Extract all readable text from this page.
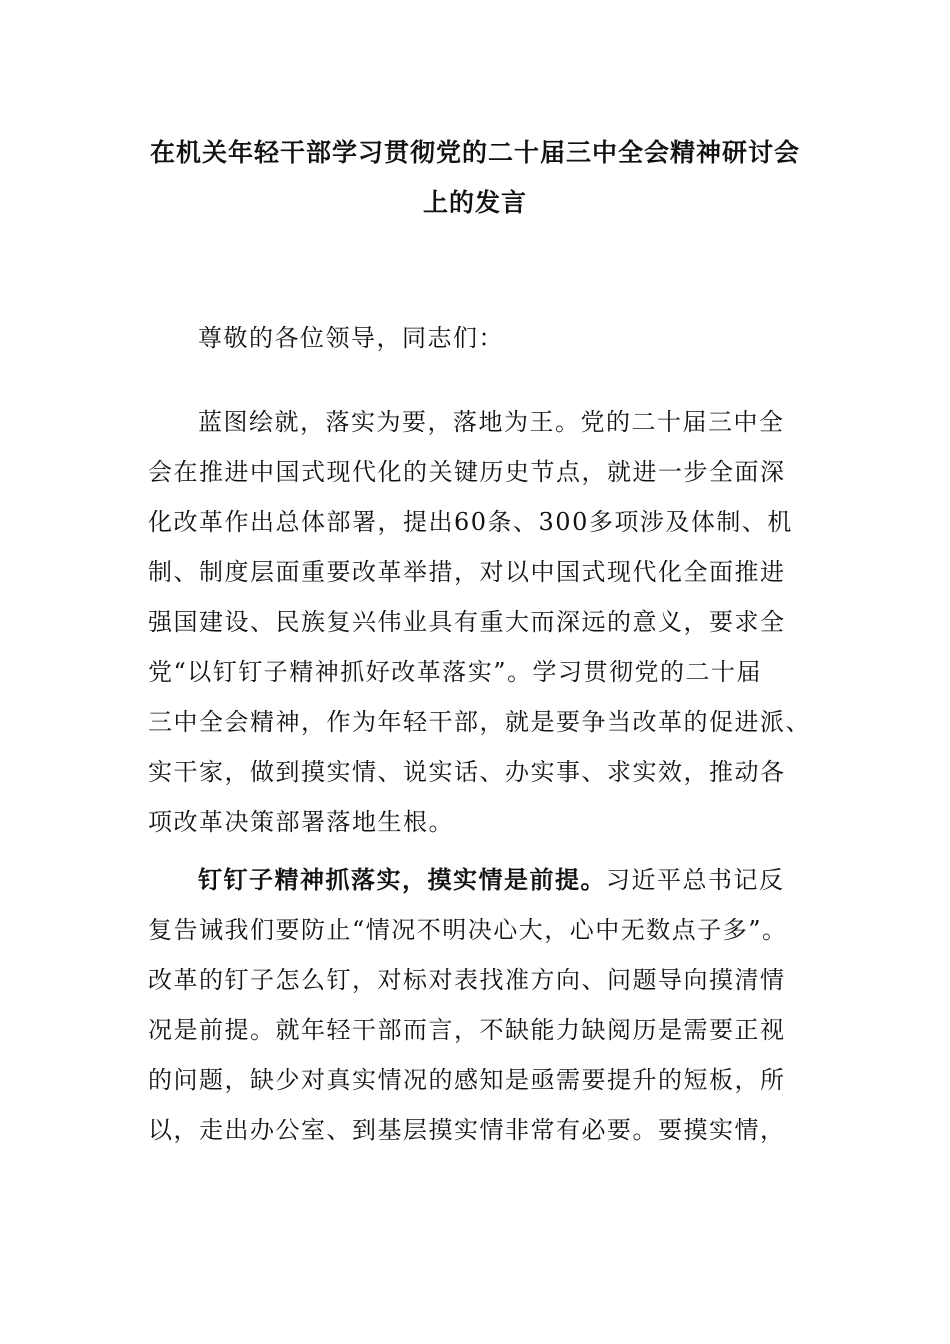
在机关年轻干部学习贯彻党的二十届三中全会精神研讨会
上的发言
尊敬的各位领导，同志们：
蓝图绘就，落实为要，落地为王。党的二十届三中全
会在推进中国式现代化的关键历史节点，就进一步全面深
化改革作出总体部署，提出60条、300多项涉及体制、机
制、制度层面重要改革举措，对以中国式现代化全面推进
强国建设、民族复兴伟业具有重大而深远的意义，要求全
党“以钉钉子精神抓好改革落实”。学习贯彻党的二十届
三中全会精神，作为年轻干部，就是要争当改革的促进派、
实干家，做到摸实情、说实话、办实事、求实效，推动各
项改革决策部署落地生根。
钉钉子精神抓落实，摸实情是前提。习近平总书记反
复告诫我们要防止“情况不明决心大，心中无数点子多”。
改革的钉子怎么钉，对标对表找准方向、问题导向摸清情
况是前提。就年轻干部而言，不缺能力缺阅历是需要正视
的问题，缺少对真实情况的感知是亟需要提升的短板，所
以，走出办公室、到基层摸实情非常有必要。要摸实情，
